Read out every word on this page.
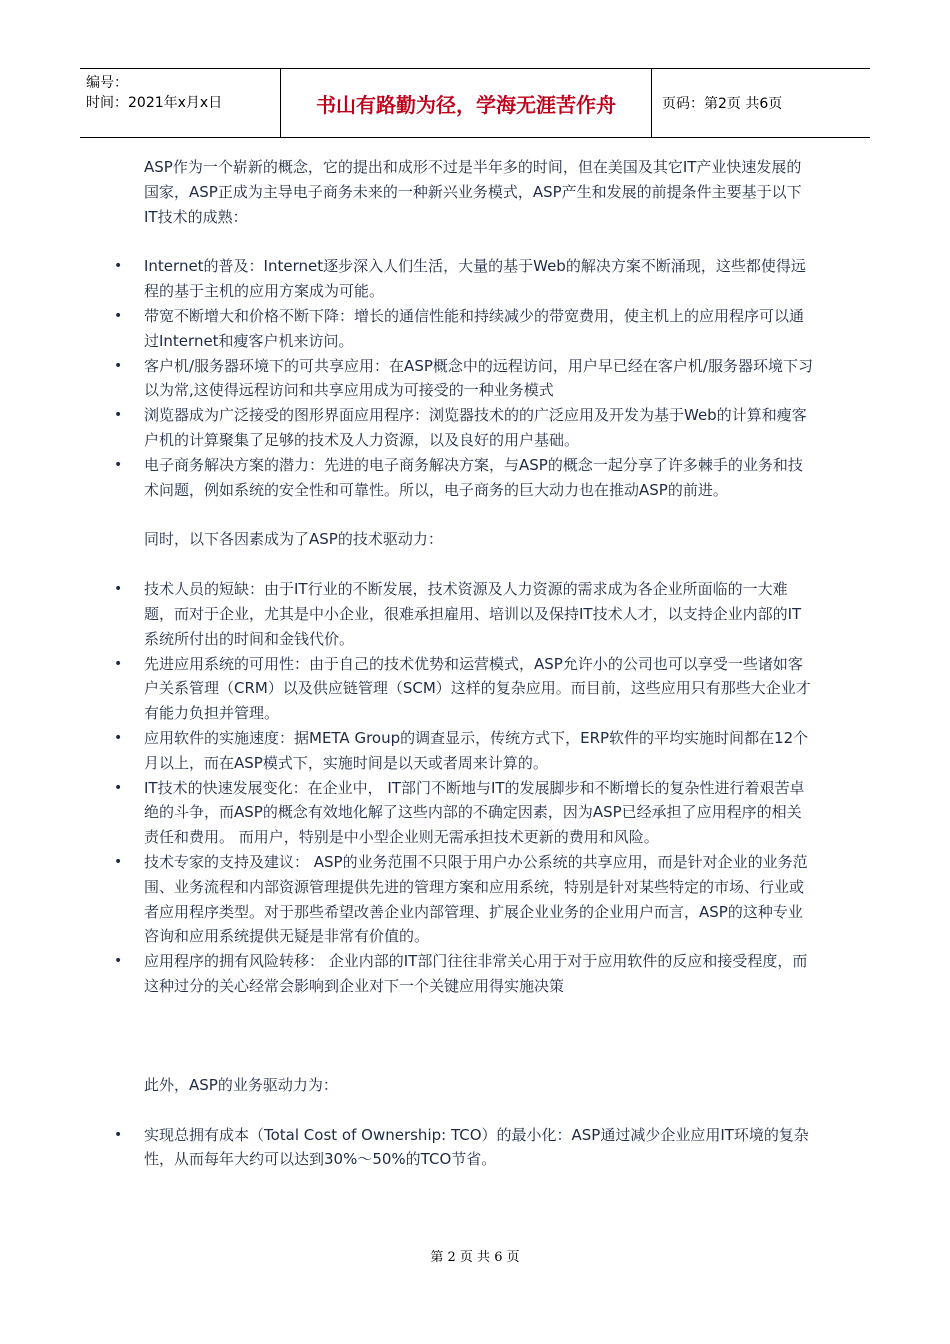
编号：
时间：2021年x月x日	书山有路勤为径，学海无涯苦作舟	页码：第2页 共6页

ASP作为一个崭新的概念，它的提出和成形不过是半年多的时间，但在美国及其它IT产业快速发展的国家，ASP正成为主导电子商务未来的一种新兴业务模式，ASP产生和发展的前提条件主要基于以下IT技术的成熟：

•	Internet的普及：Internet逐步深入人们生活，大量的基于Web的解决方案不断涌现，这些都使得远程的基于主机的应用方案成为可能。
•	带宽不断增大和价格不断下降：增长的通信性能和持续减少的带宽费用，使主机上的应用程序可以通过Internet和瘦客户机来访问。
•	客户机/服务器环境下的可共享应用：在ASP概念中的远程访问，用户早已经在客户机/服务器环境下习以为常,这使得远程访问和共享应用成为可接受的一种业务模式
•	浏览器成为广泛接受的图形界面应用程序：浏览器技术的的广泛应用及开发为基于Web的计算和瘦客户机的计算聚集了足够的技术及人力资源，以及良好的用户基础。
•	电子商务解决方案的潜力：先进的电子商务解决方案，与ASP的概念一起分享了许多棘手的业务和技术问题，例如系统的安全性和可靠性。所以，电子商务的巨大动力也在推动ASP的前进。

同时，以下各因素成为了ASP的技术驱动力：

•	技术人员的短缺：由于IT行业的不断发展，技术资源及人力资源的需求成为各企业所面临的一大难题，而对于企业，尤其是中小企业，很难承担雇用、培训以及保持IT技术人才，以支持企业内部的IT系统所付出的时间和金钱代价。
•	先进应用系统的可用性：由于自己的技术优势和运营模式，ASP允许小的公司也可以享受一些诸如客户关系管理（CRM）以及供应链管理（SCM）这样的复杂应用。而目前，这些应用只有那些大企业才有能力负担并管理。
•	应用软件的实施速度：据META Group的调查显示，传统方式下，ERP软件的平均实施时间都在12个月以上，而在ASP模式下，实施时间是以天或者周来计算的。
•	IT技术的快速发展变化：在企业中， IT部门不断地与IT的发展脚步和不断增长的复杂性进行着艰苦卓绝的斗争，而ASP的概念有效地化解了这些内部的不确定因素，因为ASP已经承担了应用程序的相关责任和费用。 而用户，特别是中小型企业则无需承担技术更新的费用和风险。
•	技术专家的支持及建议： ASP的业务范围不只限于用户办公系统的共享应用，而是针对企业的业务范围、业务流程和内部资源管理提供先进的管理方案和应用系统，特别是针对某些特定的市场、行业或者应用程序类型。对于那些希望改善企业内部管理、扩展企业业务的企业用户而言，ASP的这种专业咨询和应用系统提供无疑是非常有价值的。
•	应用程序的拥有风险转移： 企业内部的IT部门往往非常关心用于对于应用软件的反应和接受程度，而这种过分的关心经常会影响到企业对下一个关键应用得实施决策

此外，ASP的业务驱动力为：

•	实现总拥有成本（Total Cost of Ownership: TCO）的最小化：ASP通过减少企业应用IT环境的复杂性，从而每年大约可以达到30%～50%的TCO节省。
第 2 页 共 6 页
